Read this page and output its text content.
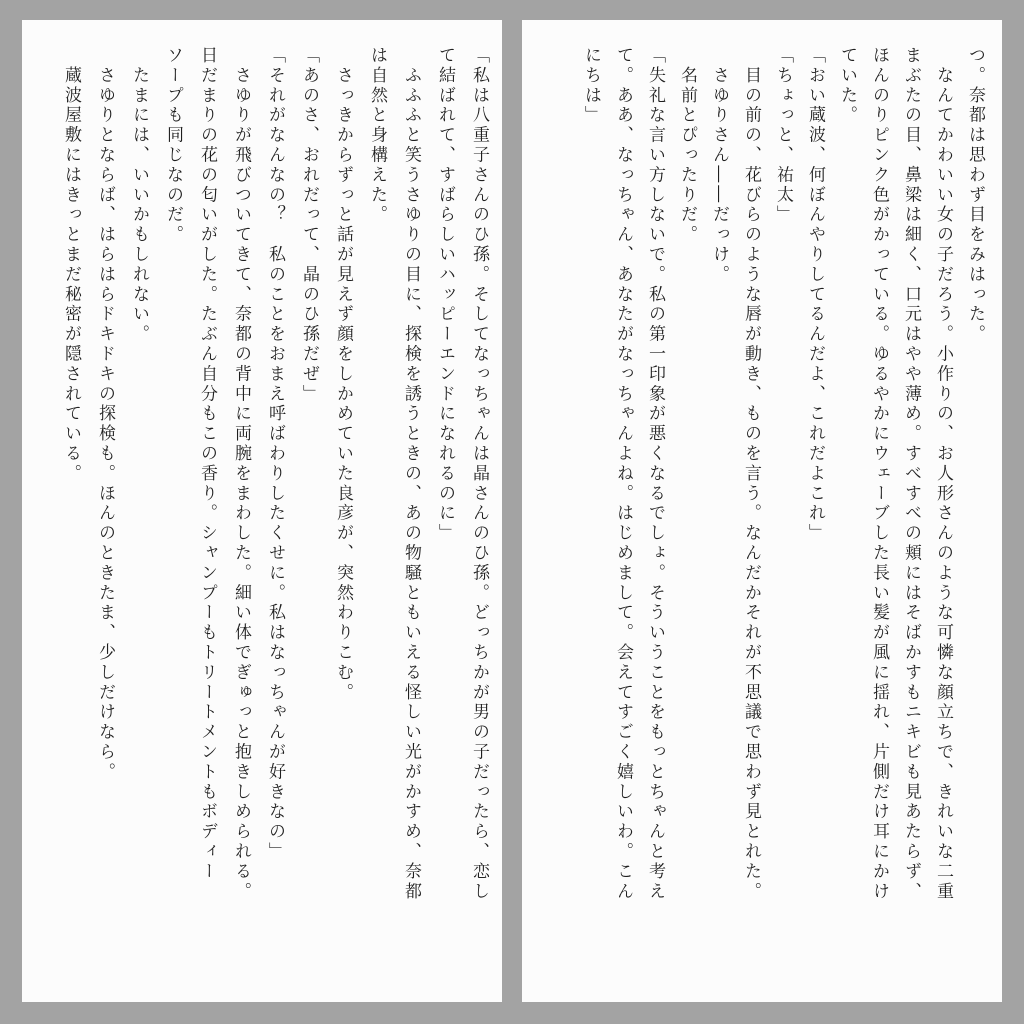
「私は八重子さんのひ孫。そしてなっちゃんは晶さんのひ孫。どっちかが男の子だったら、恋し
て結ばれて、すばらしいハッピーエンドになれるのに」
　ふふふと笑うさゆりの目に、探検を誘うときの、あの物騒ともいえる怪しい光がかすめ、奈都
は自然と身構えた。
　さっきからずっと話が見えず顔をしかめていた良彦が、突然わりこむ。
「あのさ、おれだって、晶のひ孫だぜ」
「それがなんなの？　私のことをおまえ呼ばわりしたくせに。私はなっちゃんが好きなの」
　さゆりが飛びついてきて、奈都の背中に両腕をまわした。細い体でぎゅっと抱きしめられる。
日だまりの花の匂いがした。たぶん自分もこの香り。シャンプーもトリートメントもボディー
ソープも同じなのだ。
　たまには、いいかもしれない。
　さゆりとならば、はらはらドキドキの探検も。ほんのときたま、少しだけなら。
　蔵波屋敷にはきっとまだ秘密が隠されている。	つ。奈都は思わず目をみはった。
　なんてかわいい女の子だろう。小作りの、お人形さんのような可憐な顔立ちで、きれいな二重
まぶたの目、鼻梁は細く、口元はやや薄め。すべすべの頬にはそばかすもニキビも見あたらず、
ほんのりピンク色がかっている。ゆるやかにウェーブした長い髪が風に揺れ、片側だけ耳にかけ
ていた。
「おい蔵波、何ぼんやりしてるんだよ、これだよこれ」
「ちょっと、祐太」
　目の前の、花びらのような唇が動き、ものを言う。なんだかそれが不思議で思わず見とれた。
　さゆりさん――だっけ。
　名前とぴったりだ。
「失礼な言い方しないで。私の第一印象が悪くなるでしょ。そういうことをもっとちゃんと考え
て。ああ、なっちゃん、あなたがなっちゃんよね。はじめまして。会えてすごく嬉しいわ。こん
にちは」
